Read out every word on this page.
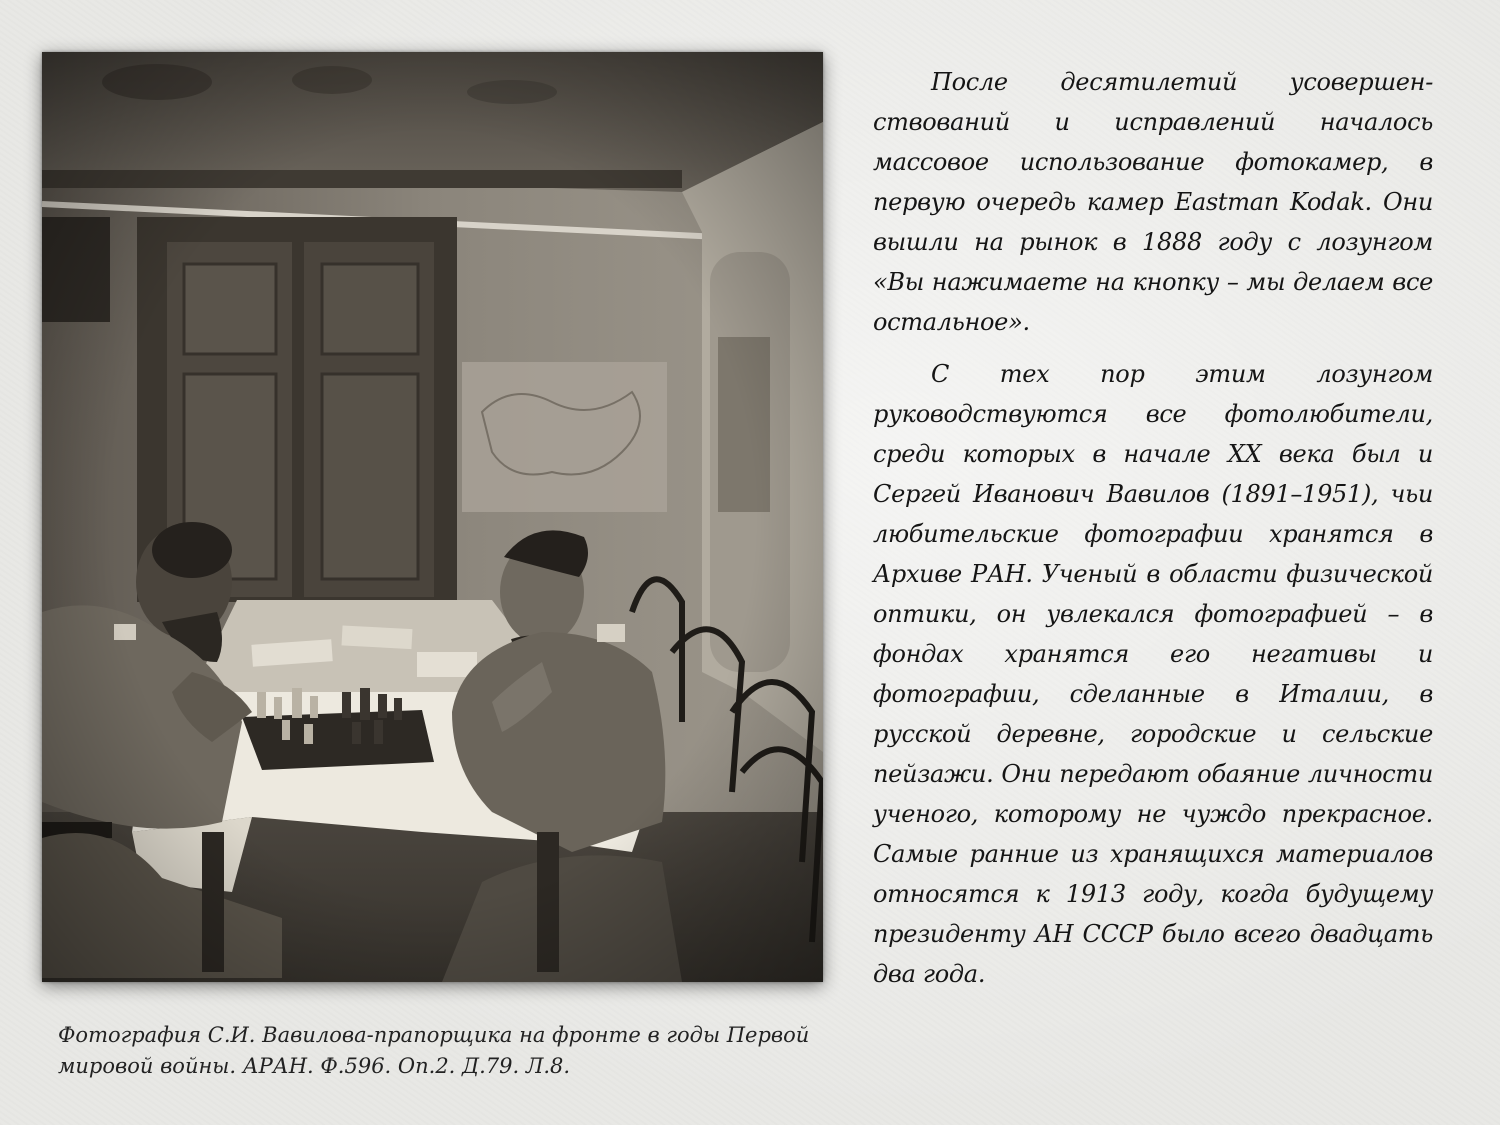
Фотография С.И. Вавилова-прапорщика на фронте в годы Первой
мировой войны. АРАН. Ф.596. Оп.2. Д.79. Л.8.

После десятилетий усовершен-ствований и исправлений началось массовое использование фотокамер, в первую очередь камер Eastman Kodak. Они вышли на рынок в 1888 году с лозунгом «Вы нажимаете на кнопку – мы делаем все остальное».

С тех пор этим лозунгом руководствуются все фотолюбители, среди которых в начале XX века был и Сергей Иванович Вавилов (1891–1951), чьи любительские фотографии хранятся в Архиве РАН. Ученый в области физической оптики, он увлекался фотографией – в фондах хранятся его негативы и фотографии, сделанные в Италии, в русской деревне, городские и сельские пейзажи. Они передают обаяние личности ученого, которому не чуждо прекрасное. Самые ранние из хранящихся материалов относятся к 1913 году, когда будущему президенту АН СССР было всего двадцать два года.
